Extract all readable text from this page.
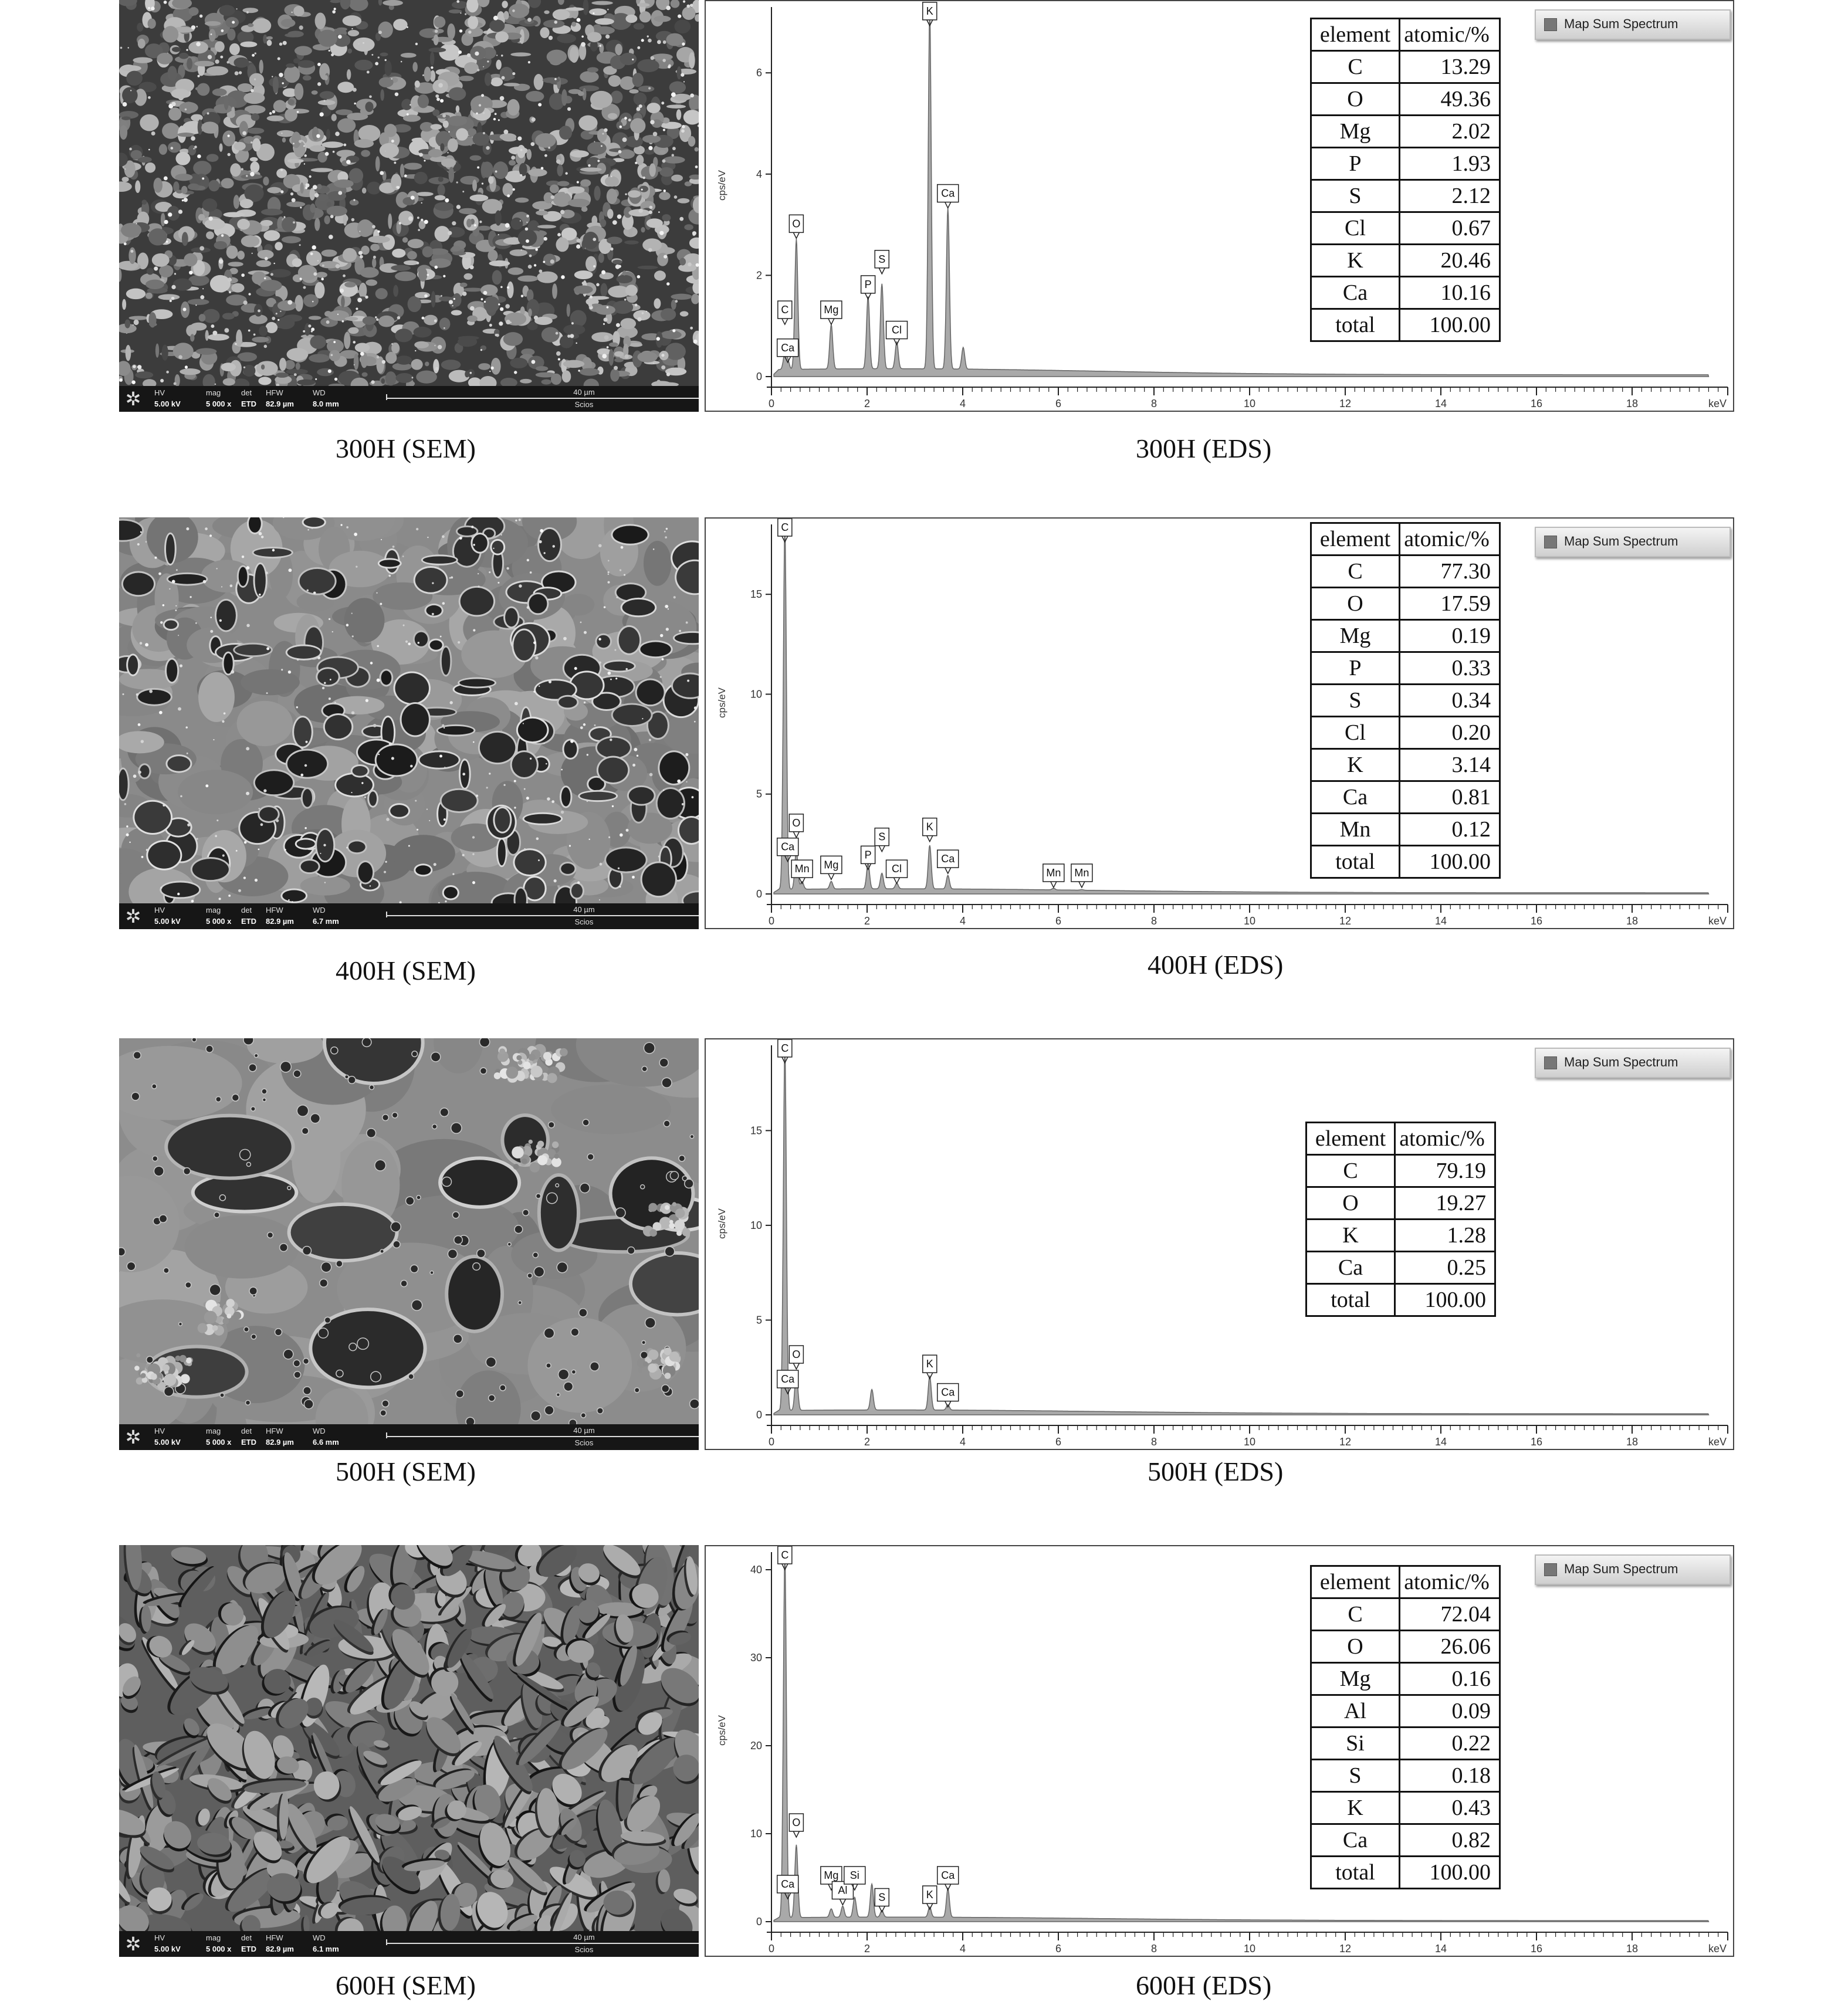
✲	HV
5.00 kV
mag
5 000 x
det
ETD
HFW
82.9 µm
WD
8.0 mm
40 µm
Scios	0	2	4	6	8	10	12	14	16	18	keV
0
2
4
6
C
Ca
O
Mg
P
S
Cl
K
Ca
cps/eV
Map Sum Spectrum
element	atomic/%
C	13.29
O	49.36
Mg	2.02
P	1.93
S	2.12
Cl	0.67
K	20.46
Ca	10.16
total	100.00
300H (SEM)	300H (EDS)
✲	HV
5.00 kV
mag
5 000 x
det
ETD
HFW
82.9 µm
WD
6.7 mm
40 µm
Scios	0	2	4	6	8	10	12	14	16	18	keV
0
5
10
15
C
Ca
O
Mn Mg
P
S
Cl
K
Ca
Mn Mn
cps/eV
Map Sum Spectrum
element	atomic/%
C	77.30
O	17.59
Mg	0.19
P	0.33
S	0.34
Cl	0.20
K	3.14
Ca	0.81
Mn	0.12
total	100.00
400H (SEM)	400H (EDS)
✲	HV
5.00 kV
mag
5 000 x
det
ETD
HFW
82.9 µm
WD
6.6 mm
40 µm
Scios	0	2	4	6	8	10	12	14	16	18	keV
0
5
10
15
C
Ca
O
K
Ca
cps/eV
Map Sum Spectrum
element	atomic/%
C	79.19
O	19.27
K	1.28
Ca	0.25
total	100.00
500H (SEM)	500H (EDS)
✲	HV
5.00 kV
mag
5 000 x
det
ETD
HFW
82.9 µm
WD
6.1 mm
40 µm
Scios	0	2	4	6	8	10	12	14	16	18	keV
0
10
20
30
40
C
Ca
O
Mg
Al
Si
S	K
Ca
cps/eV
Map Sum Spectrum
element	atomic/%
C	72.04
O	26.06
Mg	0.16
Al	0.09
Si	0.22
S	0.18
K	0.43
Ca	0.82
total	100.00
600H (SEM)	600H (EDS)
